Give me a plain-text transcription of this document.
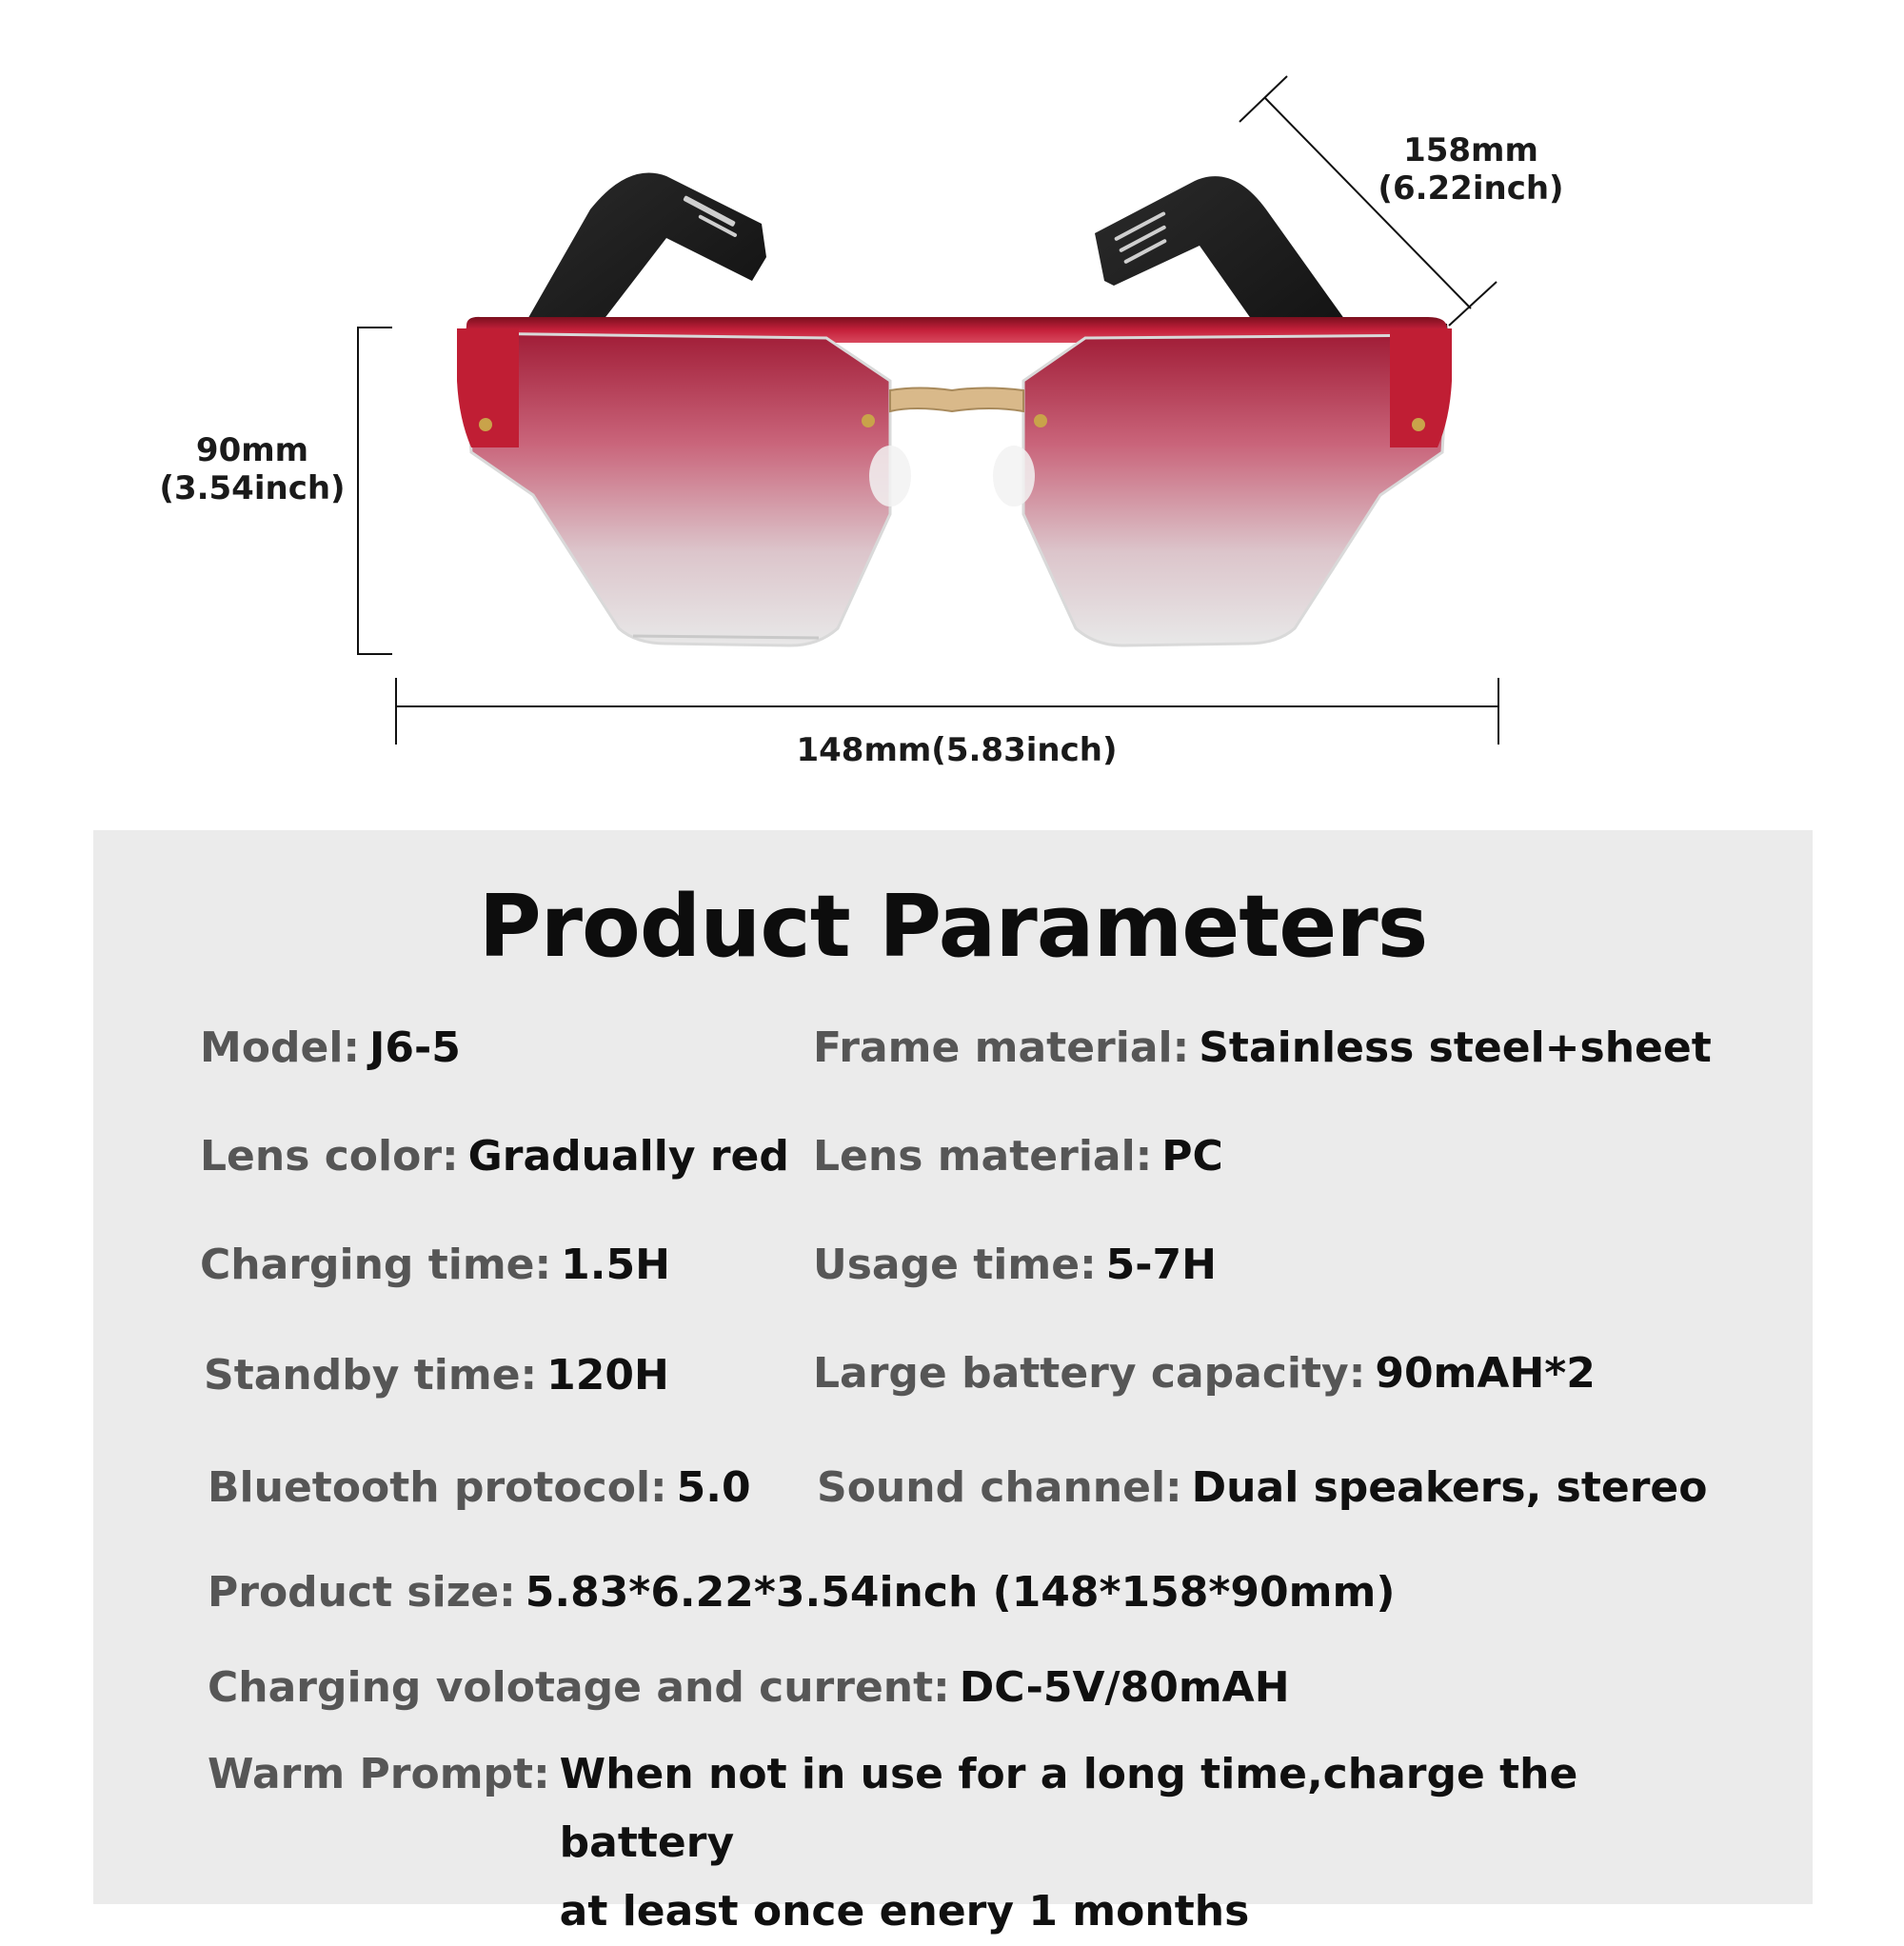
90mm
(3.54inch)
158mm
(6.22inch)
148mm(5.83inch)
Product Parameters
Model: J6-5	Frame material: Stainless steel+sheet
Lens color: Gradually red Lens material: PC
Charging time: 1.5H	Usage time: 5-7H
Standby time: 120H	Large battery capacity: 90mAH*2
Bluetooth protocol: 5.0 Sound channel: Dual speakers, stereo
Product size: 5.83*6.22*3.54inch (148*158*90mm)
Charging volotage and current: DC-5V/80mAH
Warm Prompt: When not in use for a long time,charge the battery
at least once enery 1 months
